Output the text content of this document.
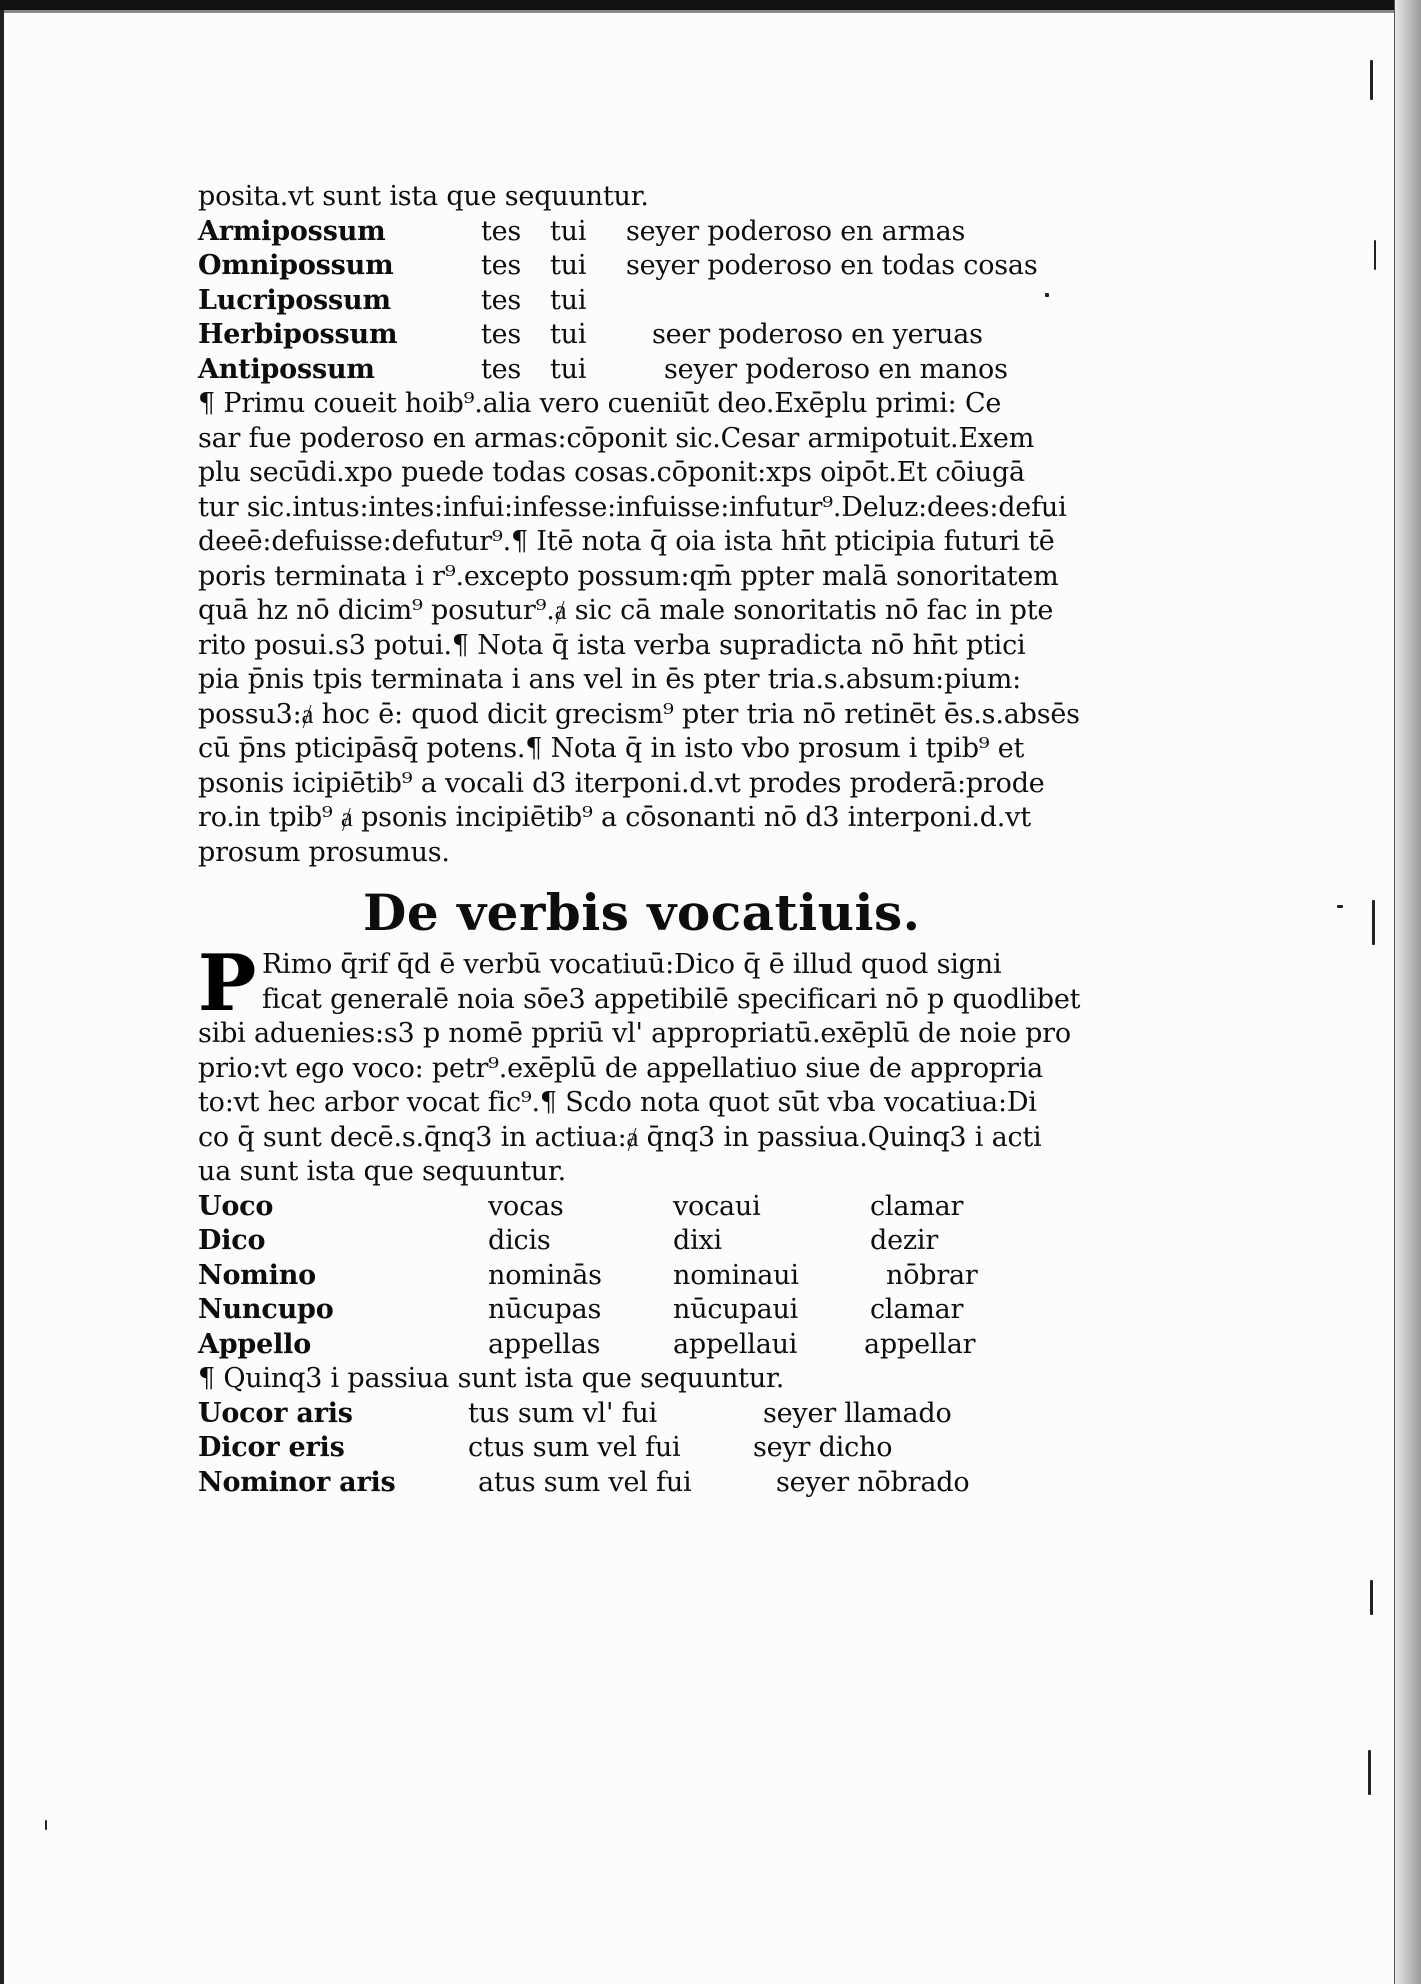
posita.vt sunt ista que sequuntur.
Armipossum	tes tui seyer poderoso en armas
Omnipossum	tes tui seyer poderoso en todas cosas
Lucripossum	tes tui
Herbipossum	tes tui seer poderoso en yeruas
Antipossum	tes tui	seyer poderoso en manos
¶ Primu coueit hoib⁹.alia vero cueniūt deo.Exēplu primi: Ce
sar fue poderoso en armas:cōponit sic.Cesar armipotuit.Exem
plu secūdi.xpo puede todas cosas.cōponit:xps oipōt.Et cōiugā
tur sic.intus:intes:infui:infesse:infuisse:infutur⁹.Deluz:dees:defui
deeē:defuisse:defutur⁹.¶ Itē nota q̄ oia ista hn̄t pticipia futuri tē
poris terminata i r⁹.excepto possum:qm̄ ppter malā sonoritatem
quā hz nō dicim⁹ posutur⁹.ⱥ sic cā male sonoritatis nō fac in pte
rito posui.s3 potui.¶ Nota q̄ ista verba supradicta nō hn̄t ptici
pia p̄nis tpis terminata i ans vel in ēs pter tria.s.absum:pium:
possu3:ⱥ hoc ē: quod dicit grecism⁹ pter tria nō retinēt ēs.s.absēs
cū p̄ns pticipāsq̄ potens.¶ Nota q̄ in isto vbo prosum i tpib⁹ et
psonis icipiētib⁹ a vocali d3 iterponi.d.vt prodes proderā:prode
ro.in tpib⁹ ⱥ psonis incipiētib⁹ a cōsonanti nō d3 interponi.d.vt
prosum prosumus.
De verbis vocatiuis.
P Rimo q̄rif q̄d ē verbū vocatiuū:Dico q̄ ē illud quod signi
ficat generalē noia sōe3 appetibilē specificari nō p quodlibet
sibi aduenies:s3 p nomē ppriū vl' appropriatū.exēplū de noie pro
prio:vt ego voco: petr⁹.exēplū de appellatiuo siue de appropria
to:vt hec arbor vocat fic⁹.¶ Scdo nota quot sūt vba vocatiua:Di
co q̄ sunt decē.s.q̄nq3 in actiua:ⱥ q̄nq3 in passiua.Quinq3 i acti
ua sunt ista que sequuntur.
Uoco	vocas	vocaui	clamar
Dico	dicis	dixi	dezir
Nomino	nominās	nominaui	nōbrar
Nuncupo	nūcupas	nūcupaui	clamar
Appello	appellas	appellaui appellar
¶ Quinq3 i passiua sunt ista que sequuntur.
Uocor aris	tus sum vl' fui	seyer llamado
Dicor eris	ctus sum vel fui	seyr dicho
Nominor aris	atus sum vel fui	seyer nōbrado
